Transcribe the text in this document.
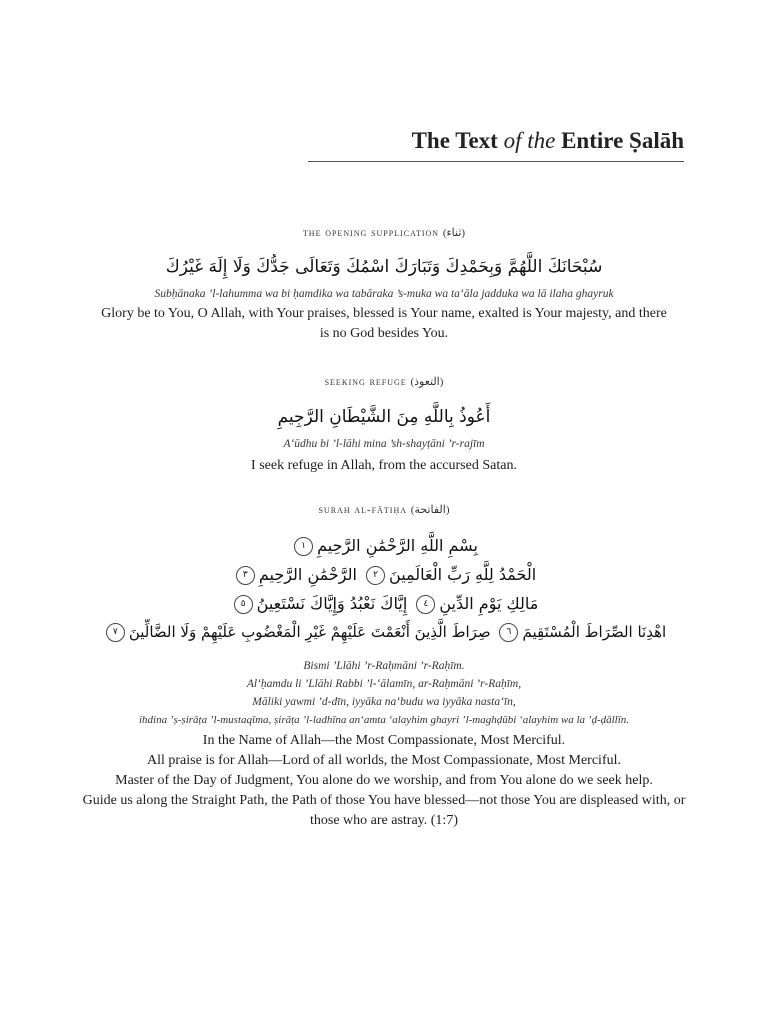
The Text of the Entire Ṣalāh
the opening supplication (ثناء)
سُبْحَانَكَ اللَّهُمَّ وَبِحَمْدِكَ وَتَبَارَكَ اسْمُكَ وَتَعَالَى جَدُّكَ وَلَا إِلَهَ غَيْرُكَ
Subḥānaka ’l-lahumma wa bi ḥamdika wa tabāraka ’s-muka wa ta‘āla jadduka wa lā ilaha ghayruk
Glory be to You, O Allah, with Your praises, blessed is Your name, exalted is Your majesty, and there is no God besides You.
seeking refuge (التعوذ)
أَعُوذُ بِاللَّهِ مِنَ الشَّيْطَانِ الرَّجِيمِ
A‘ūdhu bi ’l-lāhi mina ’sh-shayṭāni ’r-rajīm
I seek refuge in Allah, from the accursed Satan.
surah al-fātiḥa (الفاتحة)
بِسْمِ اللَّهِ الرَّحْمَٰنِ الرَّحِيمِ١
الْحَمْدُ لِلَّهِ رَبِّ الْعَالَمِينَ٢ الرَّحْمَٰنِ الرَّحِيمِ٣
مَالِكِ يَوْمِ الدِّينِ٤ إِيَّاكَ نَعْبُدُ وَإِيَّاكَ نَسْتَعِينُ٥
اهْدِنَا الصِّرَاطَ الْمُسْتَقِيمَ٦ صِرَاطَ الَّذِينَ أَنْعَمْتَ عَلَيْهِمْ غَيْرِ الْمَغْضُوبِ عَلَيْهِمْ وَلَا الضَّالِّينَ٧
Bismi ’Llāhi ’r-Raḥmāni ’r-Raḥīm.
Al‘ḥamdu li ’Llāhi Rabbi ’l-‘ālamīn, ar-Raḥmāni ’r-Raḥīm,
Māliki yawmi ’d-dīn, iyyāka na‘budu wa iyyāka nasta‘īn,
ihdina ’ṣ-ṣirāṭa ’l-mustaqīma, ṣirāṭa ’l-ladhīna an‘amta ‘alayhim ghayri ’l-maghḍūbi ‘alayhim wa la ’ḍ-ḍāllīn.
In the Name of Allah—the Most Compassionate, Most Merciful.
All praise is for Allah—Lord of all worlds, the Most Compassionate, Most Merciful.
Master of the Day of Judgment, You alone do we worship, and from You alone do we seek help.
Guide us along the Straight Path, the Path of those You have blessed—not those You are displeased with, or those who are astray. (1:7)
